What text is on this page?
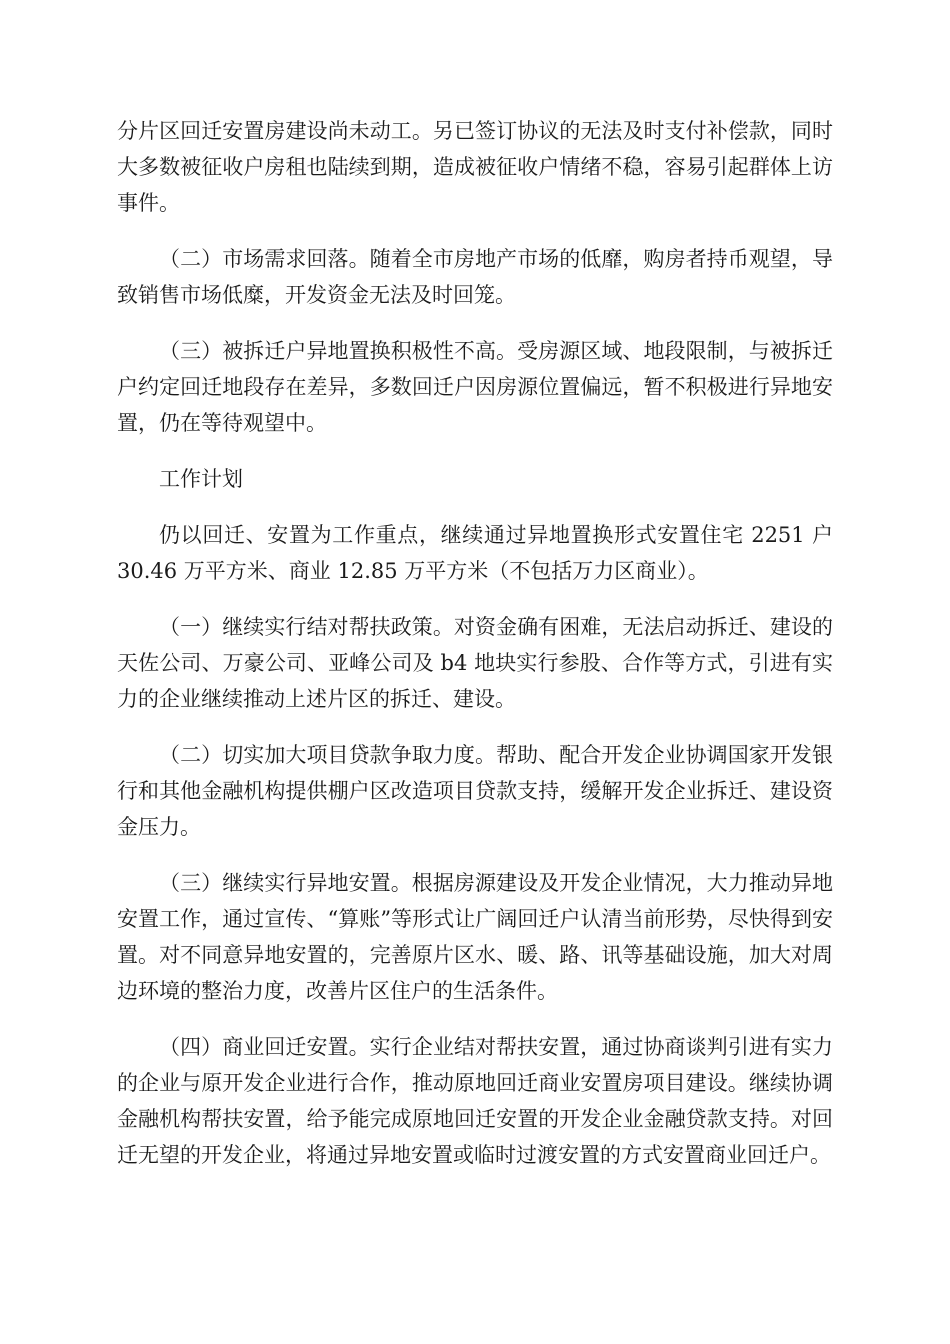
分片区回迁安置房建设尚未动工。另已签订协议的无法及时支付补偿款，同时大多数被征收户房租也陆续到期，造成被征收户情绪不稳，容易引起群体上访事件。

（二）市场需求回落。随着全市房地产市场的低靡，购房者持币观望，导致销售市场低糜，开发资金无法及时回笼。

（三）被拆迁户异地置换积极性不高。受房源区域、地段限制，与被拆迁户约定回迁地段存在差异，多数回迁户因房源位置偏远，暂不积极进行异地安置，仍在等待观望中。

工作计划

仍以回迁、安置为工作重点，继续通过异地置换形式安置住宅 2251 户 30.46 万平方米、商业 12.85 万平方米（不包括万力区商业）。

（一）继续实行结对帮扶政策。对资金确有困难，无法启动拆迁、建设的天佐公司、万豪公司、亚峰公司及 b4 地块实行参股、合作等方式，引进有实力的企业继续推动上述片区的拆迁、建设。

（二）切实加大项目贷款争取力度。帮助、配合开发企业协调国家开发银行和其他金融机构提供棚户区改造项目贷款支持，缓解开发企业拆迁、建设资金压力。

（三）继续实行异地安置。根据房源建设及开发企业情况，大力推动异地安置工作，通过宣传、“算账”等形式让广阔回迁户认清当前形势，尽快得到安置。对不同意异地安置的，完善原片区水、暖、路、讯等基础设施，加大对周边环境的整治力度，改善片区住户的生活条件。

（四）商业回迁安置。实行企业结对帮扶安置，通过协商谈判引进有实力的企业与原开发企业进行合作，推动原地回迁商业安置房项目建设。继续协调金融机构帮扶安置，给予能完成原地回迁安置的开发企业金融贷款支持。对回迁无望的开发企业，将通过异地安置或临时过渡安置的方式安置商业回迁户。
